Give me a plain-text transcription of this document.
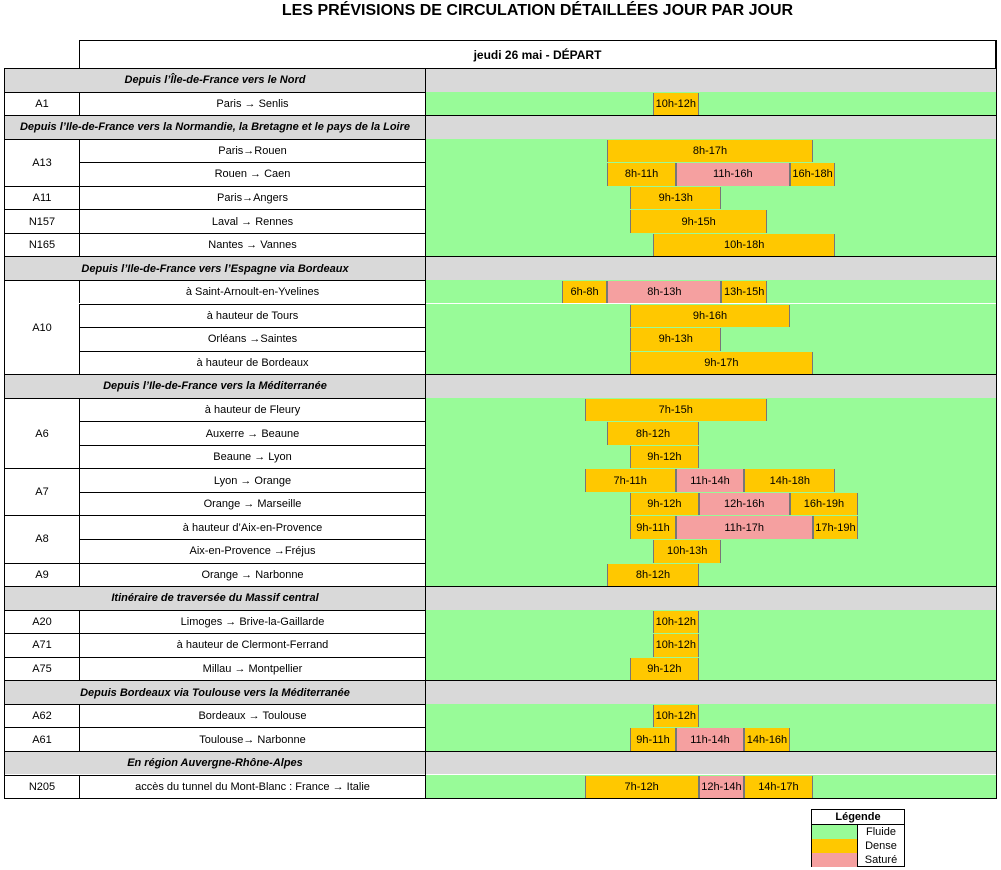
LES PRÉVISIONS DE CIRCULATION DÉTAILLÉES JOUR PAR JOUR
jeudi 26 mai - DÉPART
Depuis l’Île-de-France vers le Nord
A1	Paris → Senlis	10h-12h
Depuis l’Ile-de-France vers la Normandie, la Bretagne et le pays de la Loire
A13
Paris→Rouen	8h-17h
Rouen → Caen	8h-11h	11h-16h	16h-18h
A11	Paris→Angers	9h-13h
N157	Laval → Rennes	9h-15h
N165	Nantes → Vannes	10h-18h
Depuis l’Ile-de-France vers l’Espagne via Bordeaux
A10
à Saint-Arnoult-en-Yvelines	6h-8h	8h-13h	13h-15h
à hauteur de Tours	9h-16h
Orléans →Saintes	9h-13h
à hauteur de Bordeaux	9h-17h
Depuis l’Ile-de-France vers la Méditerranée
A6
à hauteur de Fleury	7h-15h
Auxerre → Beaune	8h-12h
Beaune → Lyon	9h-12h
A7
Lyon → Orange	7h-11h	11h-14h	14h-18h
Orange → Marseille	9h-12h	12h-16h	16h-19h
A8
à hauteur d’Aix-en-Provence	9h-11h	11h-17h	17h-19h
Aix-en-Provence →Fréjus	10h-13h
A9	Orange → Narbonne	8h-12h
Itinéraire de traversée du Massif central
A20	Limoges → Brive-la-Gaillarde	10h-12h
A71	à hauteur de Clermont-Ferrand	10h-12h
A75	Millau → Montpellier	9h-12h
Depuis Bordeaux via Toulouse vers la Méditerranée
A62	Bordeaux → Toulouse	10h-12h
A61	Toulouse→ Narbonne	9h-11h	11h-14h	14h-16h
En région Auvergne-Rhône-Alpes
N205	accès du tunnel du Mont-Blanc : France → Italie	7h-12h	12h-14h	14h-17h
Légende
Fluide
Dense
Saturé
